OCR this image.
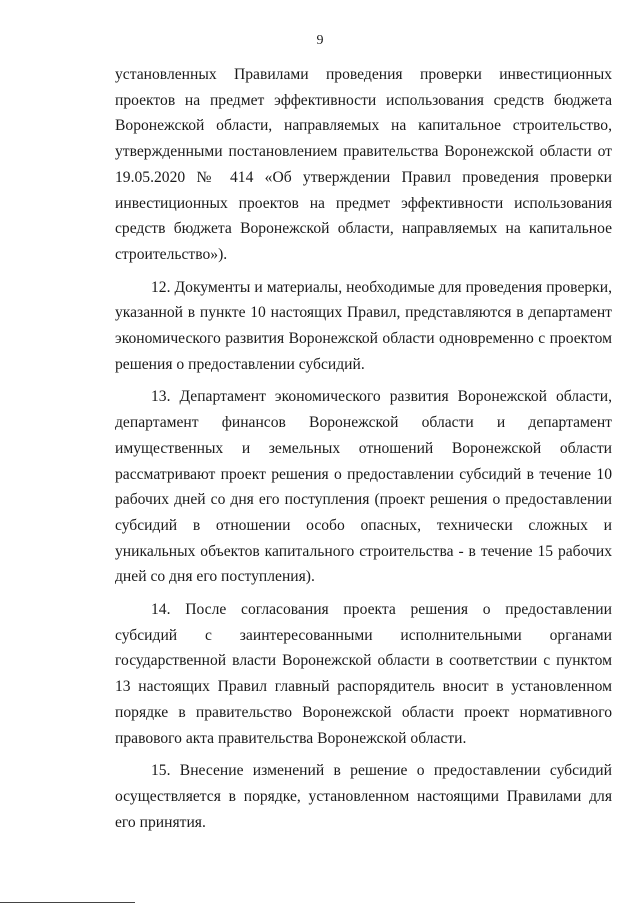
9

установленных Правилами проведения проверки инвестиционных проектов на предмет эффективности использования средств бюджета Воронежской области, направляемых на капитальное строительство, утвержденными постановлением правительства Воронежской области от 19.05.2020 № 414 «Об утверждении Правил проведения проверки инвестиционных проектов на предмет эффективности использования средств бюджета Воронежской области, направляемых на капитальное строительство»).

12. Документы и материалы, необходимые для проведения проверки, указанной в пункте 10 настоящих Правил, представляются в департамент экономического развития Воронежской области одновременно с проектом решения о предоставлении субсидий.

13. Департамент экономического развития Воронежской области, департамент финансов Воронежской области и департамент имущественных и земельных отношений Воронежской области рассматривают проект решения о предоставлении субсидий в течение 10 рабочих дней со дня его поступления (проект решения о предоставлении субсидий в отношении особо опасных, технически сложных и уникальных объектов капитального строительства - в течение 15 рабочих дней со дня его поступления).

14. После согласования проекта решения о предоставлении субсидий с заинтересованными исполнительными органами государственной власти Воронежской области в соответствии с пунктом 13 настоящих Правил главный распорядитель вносит в установленном порядке в правительство Воронежской области проект нормативного правового акта правительства Воронежской области.

15. Внесение изменений в решение о предоставлении субсидий осуществляется в порядке, установленном настоящими Правилами для его принятия.
